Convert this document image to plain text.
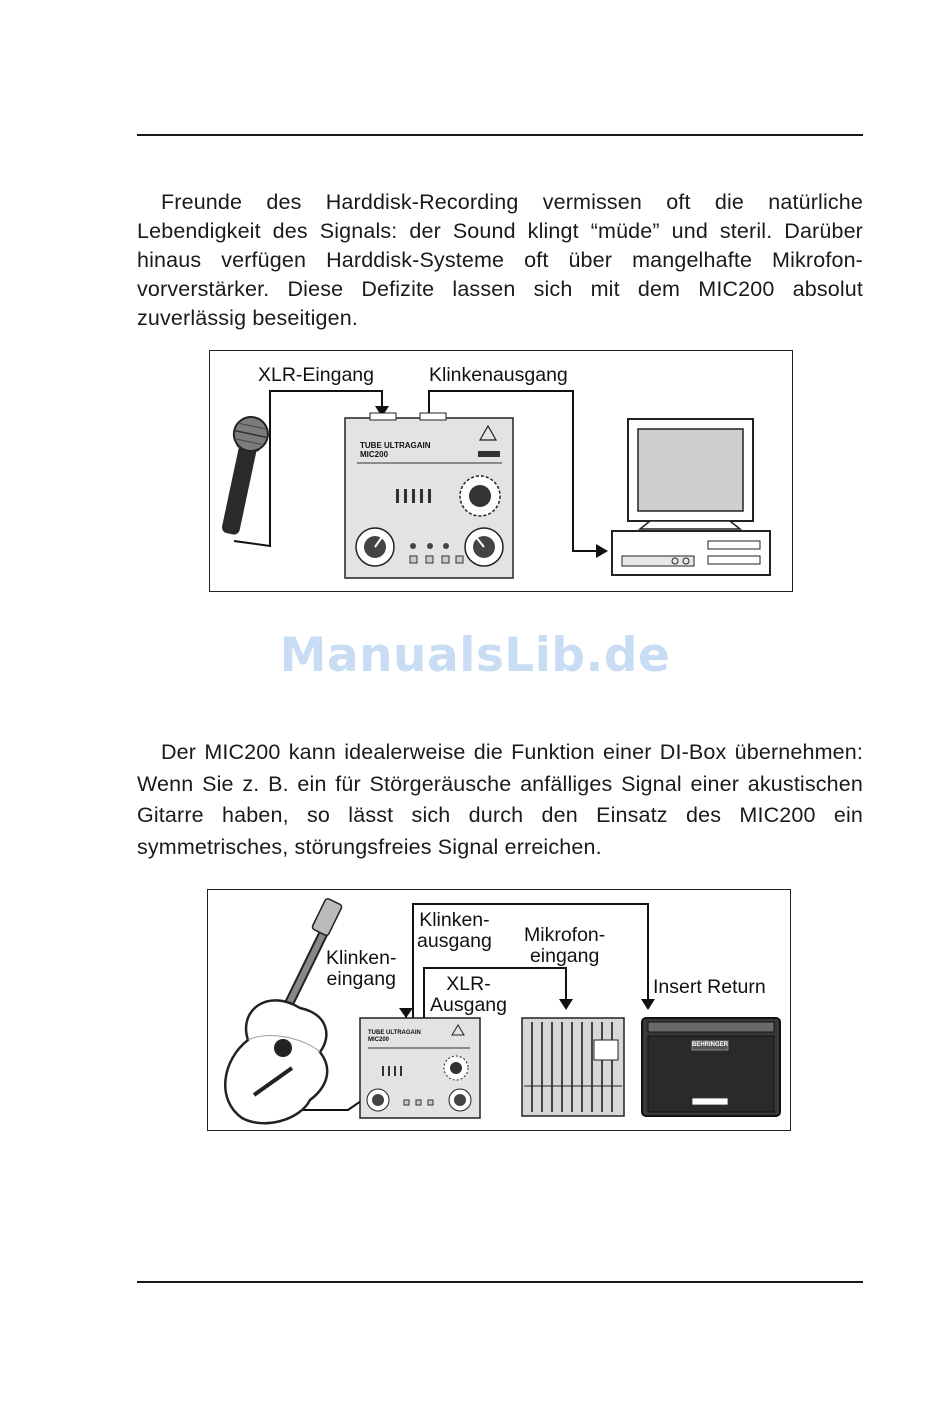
Freunde des Harddisk-Recording vermissen oft die natürliche Lebendigkeit des Signals: der Sound klingt “müde” und steril. Darüber hinaus verfügen Harddisk-Systeme oft über mangelhafte Mikrofon-vorverstärker. Diese Defizite lassen sich mit dem MIC200 absolut zuverlässig beseitigen.

XLR-Eingang	Klinkenausgang
TUBE ULTRAGAIN
MIC200
ManualsLib.de

Der MIC200 kann idealerweise die Funktion einer DI-Box übernehmen: Wenn Sie z. B. ein für Störgeräusche anfälliges Signal einer akustischen Gitarre haben, so lässt sich durch den Einsatz des MIC200 ein symmetrisches, störungsfreies Signal erreichen.

Klinken-
eingang
Klinken-
ausgang
XLR-
Ausgang
Mikrofon-
eingang
Insert Return
TUBE ULTRAGAIN
MIC200
BEHRINGER
